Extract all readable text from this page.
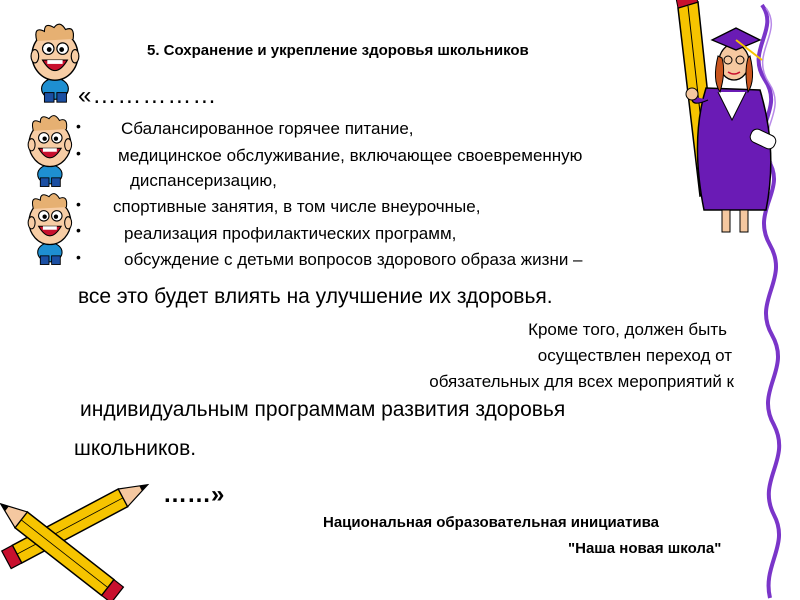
5. Сохранение и укрепление здоровья школьников
«……………
•
•
•
•
•
Сбалансированное горячее питание,
медицинское обслуживание, включающее своевременную
диспансеризацию,
спортивные занятия, в том числе внеурочные,
реализация профилактических программ,
обсуждение с детьми вопросов здорового образа жизни –
все это будет влиять на улучшение их здоровья.
Кроме того, должен быть
осуществлен переход от
обязательных для всех мероприятий к
индивидуальным программам развития здоровья
школьников.
……»
Национальная образовательная инициатива
"Наша новая школа"
